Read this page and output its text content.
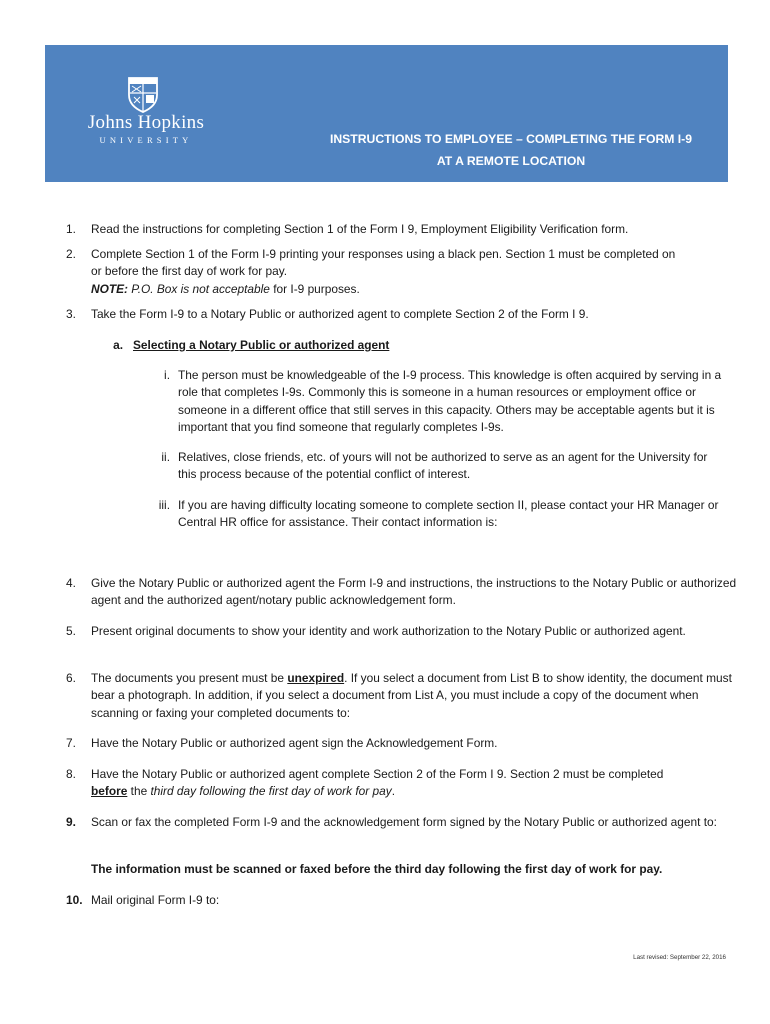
Johns Hopkins
UNIVERSITY	INSTRUCTIONS TO EMPLOYEE – COMPLETING THE FORM I-9
AT A REMOTE LOCATION
1. Read the instructions for completing Section 1 of the Form I 9, Employment Eligibility Verification form.
2. Complete Section 1 of the Form I-9 printing your responses using a black pen. Section 1 must be completed on
or before the first day of work for pay.
NOTE: P.O. Box is not acceptable for I-9 purposes.
3. Take the Form I-9 to a Notary Public or authorized agent to complete Section 2 of the Form I 9.
a. Selecting a Notary Public or authorized agent
i. The person must be knowledgeable of the I-9 process. This knowledge is often acquired by serving in a role that completes I-9s. Commonly this is someone in a human resources or employment office or someone in a different office that still serves in this capacity. Others may be acceptable agents but it is important that you find someone that regularly completes I-9s.
ii. Relatives, close friends, etc. of yours will not be authorized to serve as an agent for the University for this process because of the potential conflict of interest.
iii. If you are having difficulty locating someone to complete section II, please contact your HR Manager or Central HR office for assistance. Their contact information is:
4. Give the Notary Public or authorized agent the Form I-9 and instructions, the instructions to the Notary Public or authorized agent and the authorized agent/notary public acknowledgement form.
5. Present original documents to show your identity and work authorization to the Notary Public or authorized agent.
6. The documents you present must be unexpired. If you select a document from List B to show identity, the document must bear a photograph. In addition, if you select a document from List A, you must include a copy of the document when scanning or faxing your completed documents to:
7. Have the Notary Public or authorized agent sign the Acknowledgement Form.
8. Have the Notary Public or authorized agent complete Section 2 of the Form I 9. Section 2 must be completed
before the third day following the first day of work for pay.
9. Scan or fax the completed Form I-9 and the acknowledgement form signed by the Notary Public or authorized agent to:
The information must be scanned or faxed before the third day following the first day of work for pay.
10. Mail original Form I-9 to:
Last revised: September 22, 2016
